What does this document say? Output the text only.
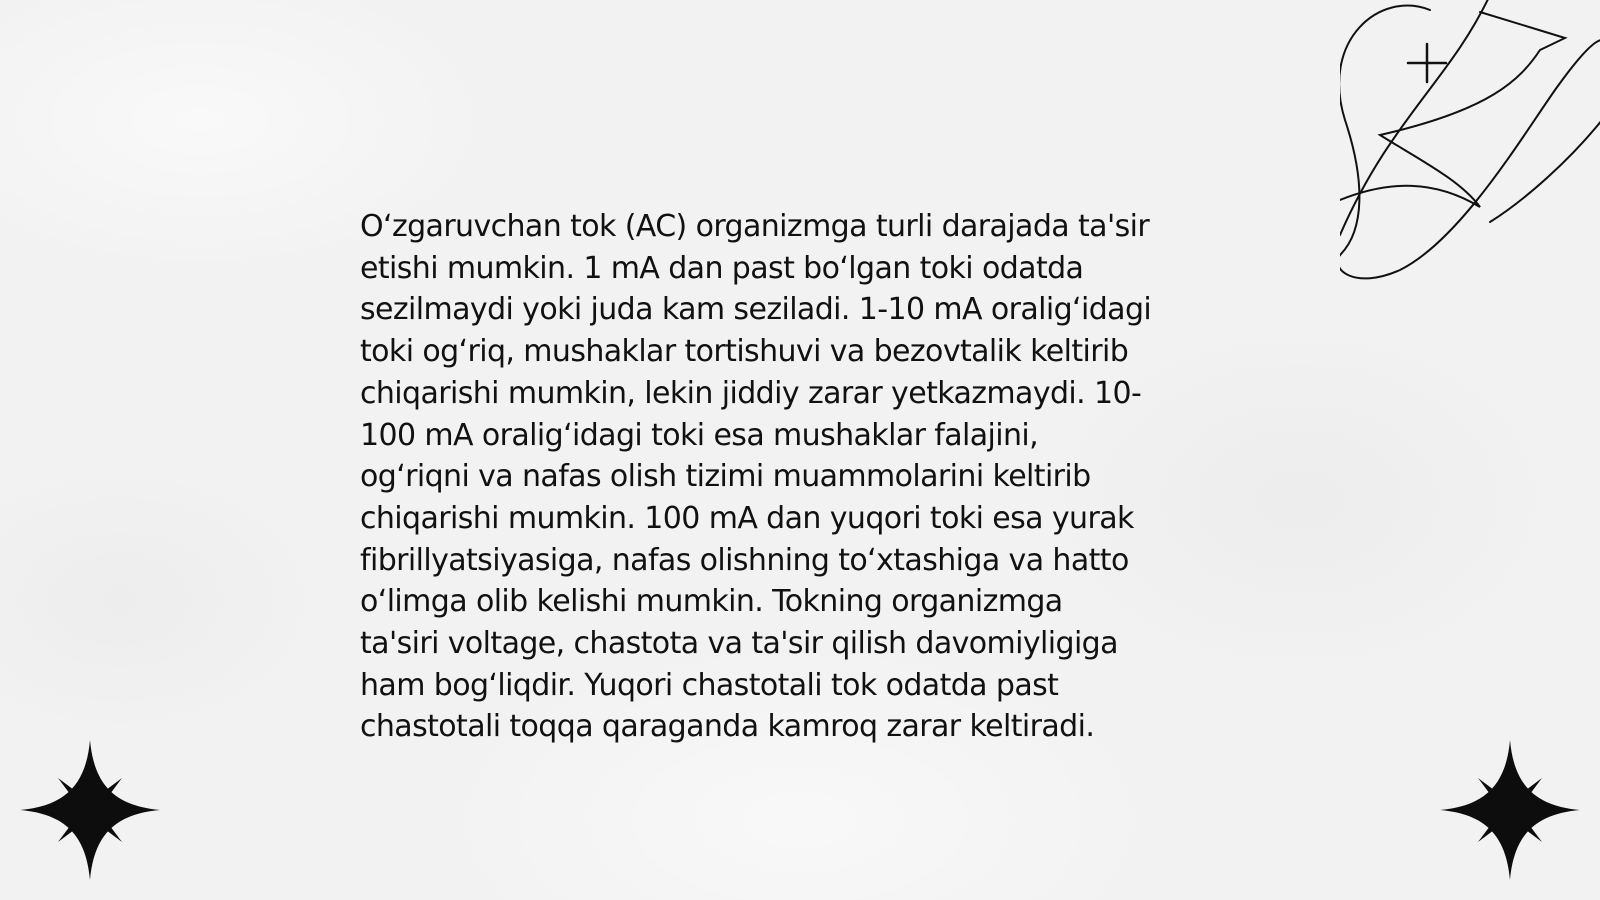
O‘zgaruvchan tok (AC) organizmga turli darajada ta'sir
etishi mumkin. 1 mA dan past bo‘lgan toki odatda
sezilmaydi yoki juda kam seziladi. 1-10 mA oralig‘idagi
toki og‘riq, mushaklar tortishuvi va bezovtalik keltirib
chiqarishi mumkin, lekin jiddiy zarar yetkazmaydi. 10-
100 mA oralig‘idagi toki esa mushaklar falajini,
og‘riqni va nafas olish tizimi muammolarini keltirib
chiqarishi mumkin. 100 mA dan yuqori toki esa yurak
fibrillyatsiyasiga, nafas olishning to‘xtashiga va hatto
o‘limga olib kelishi mumkin. Tokning organizmga
ta'siri voltage, chastota va ta'sir qilish davomiyligiga
ham bog‘liqdir. Yuqori chastotali tok odatda past
chastotali toqqa qaraganda kamroq zarar keltiradi.
